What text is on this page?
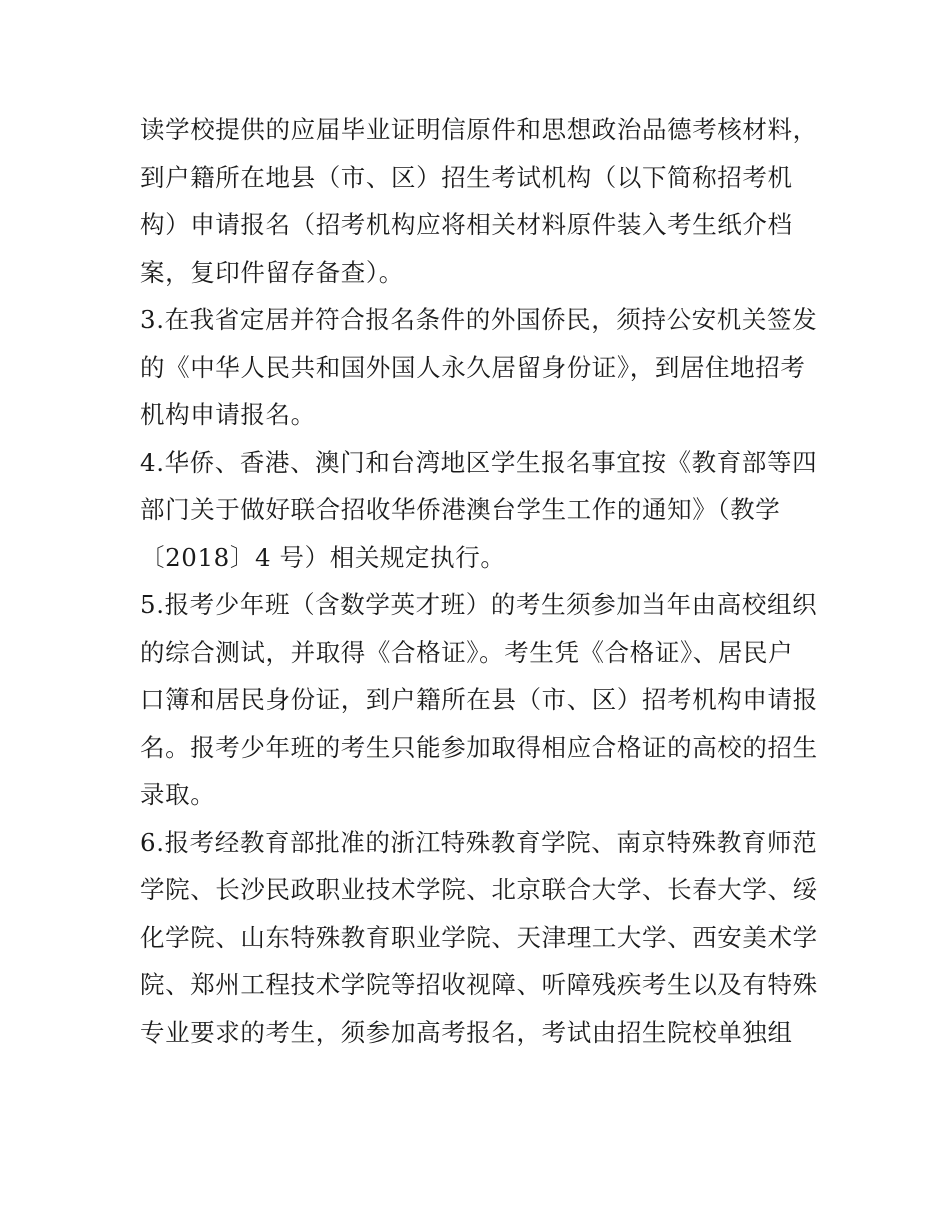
读学校提供的应届毕业证明信原件和思想政治品德考核材料，
到户籍所在地县（市、区）招生考试机构（以下简称招考机
构）申请报名（招考机构应将相关材料原件装入考生纸介档
案，复印件留存备查）。
3.在我省定居并符合报名条件的外国侨民，须持公安机关签发
的《中华人民共和国外国人永久居留身份证》，到居住地招考
机构申请报名。
4.华侨、香港、澳门和台湾地区学生报名事宜按《教育部等四
部门关于做好联合招收华侨港澳台学生工作的通知》（教学
〔2018〕4 号）相关规定执行。
5.报考少年班（含数学英才班）的考生须参加当年由高校组织
的综合测试，并取得《合格证》。考生凭《合格证》、居民户
口簿和居民身份证，到户籍所在县（市、区）招考机构申请报
名。报考少年班的考生只能参加取得相应合格证的高校的招生
录取。
6.报考经教育部批准的浙江特殊教育学院、南京特殊教育师范
学院、长沙民政职业技术学院、北京联合大学、长春大学、绥
化学院、山东特殊教育职业学院、天津理工大学、西安美术学
院、郑州工程技术学院等招收视障、听障残疾考生以及有特殊
专业要求的考生，须参加高考报名，考试由招生院校单独组
